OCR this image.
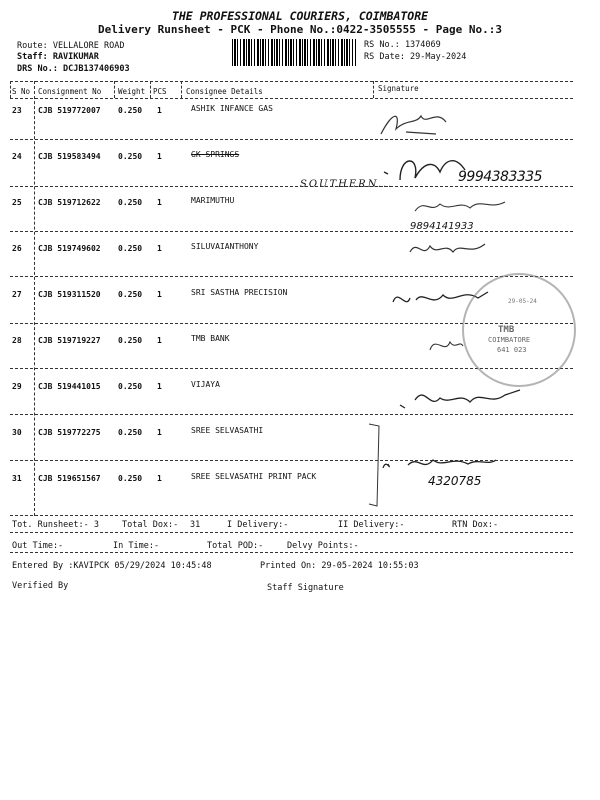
THE PROFESSIONAL COURIERS, COIMBATORE
Delivery Runsheet - PCK - Phone No.:0422-3505555 - Page No.:3
Route: VELLALORE ROAD
Staff: RAVIKUMAR
DRS No.: DCJB137406903
RS No.: 1374069
RS Date: 29-May-2024
S No Consignment No Weight PCS	Consignee Details	Signature
23 CJB 519772007 0.250 1	ASHIK INFANCE GAS
24 CJB 519583494 0.250 1	GK SPRINGS
SOUTHERN...
25 CJB 519712622 0.250 1	MARIMUTHU
26 CJB 519749602 0.250 1	SILUVAIANTHONY
27 CJB 519311520 0.250 1	SRI SASTHA PRECISION
28 CJB 519719227 0.250 1	TMB BANK
29 CJB 519441015 0.250 1	VIJAYA
30 CJB 519772275 0.250 1	SREE SELVASATHI
31 CJB 519651567 0.250 1	SREE SELVASATHI PRINT PACK
9994383335
9894141933
TMB
COIMBATORE
641 023
29-05-24
4320785
Tot. Runsheet:- 3	Total Dox:- 31	I Delivery:-	II Delivery:-	RTN Dox:-
Out Time:-	In Time:-	Total POD:-	Delvy Points:-
Entered By :KAVIPCK 05/29/2024 10:45:48	Printed On: 29-05-2024 10:55:03
Verified By	Staff Signature
